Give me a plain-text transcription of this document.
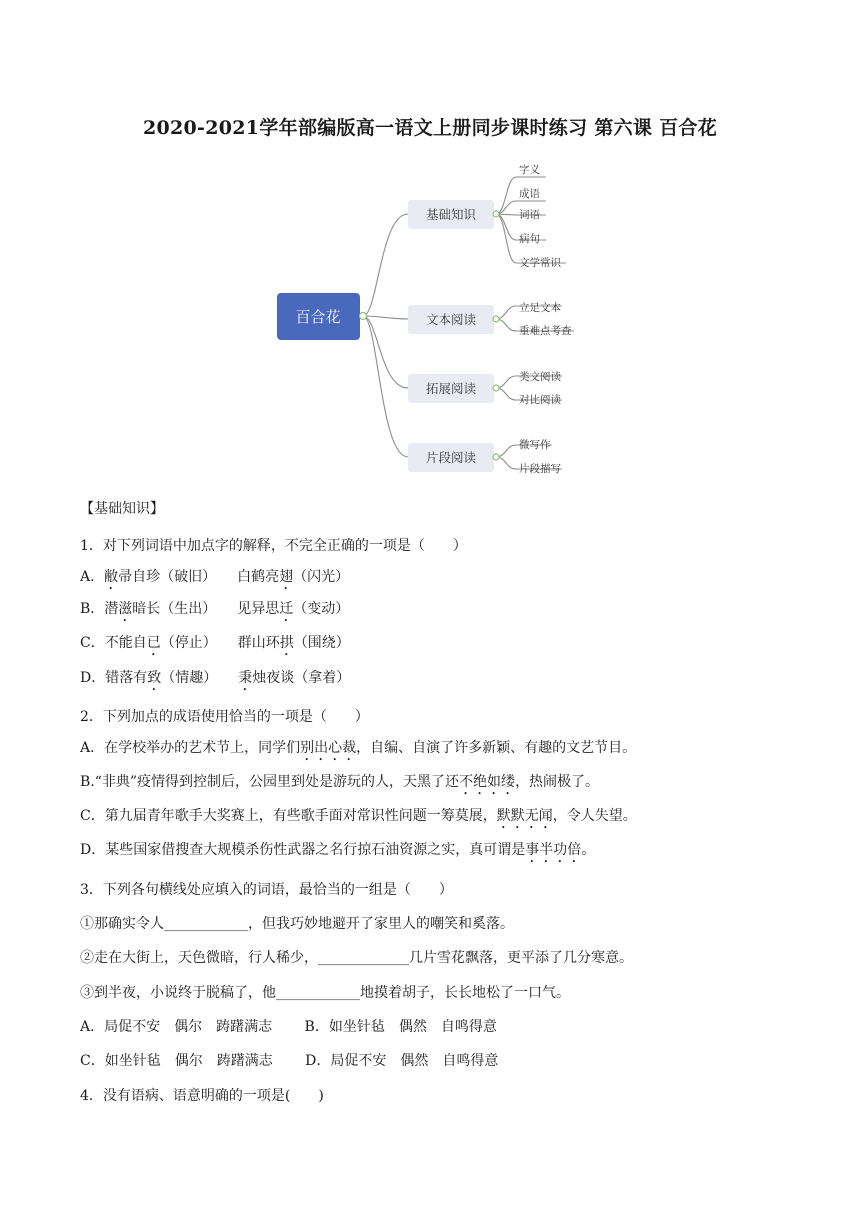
2020-2021学年部编版高一语文上册同步课时练习 第六课 百合花
百合花
基础知识
文本阅读
拓展阅读
片段阅读
字义
成语
词语
病句
文学常识
立足文本
重难点考查
类文阅读
对比阅读
微写作
片段描写
【基础知识】
1．对下列词语中加点字的解释，不完全正确的一项是（　　）
A．敝帚自珍（破旧）　　白鹤亮翅（闪光）
B．潜滋暗长（生出）　　见异思迁（变动）
C．不能自已（停止）　　群山环拱（围绕）
D．错落有致（情趣）　　秉烛夜谈（拿着）
2．下列加点的成语使用恰当的一项是（　　）
A．在学校举办的艺术节上，同学们别出心裁，自编、自演了许多新颖、有趣的文艺节目。
B.“非典”疫情得到控制后，公园里到处是游玩的人，天黑了还不绝如缕，热闹极了。
C．第九届青年歌手大奖赛上，有些歌手面对常识性问题一筹莫展，默默无闻，令人失望。
D．某些国家借搜查大规模杀伤性武器之名行掠石油资源之实，真可谓是事半功倍。
3．下列各句横线处应填入的词语，最恰当的一组是（　　）
①那确实令人____________，但我巧妙地避开了家里人的嘲笑和奚落。
②走在大街上，天色微暗，行人稀少，_____________几片雪花飘落，更平添了几分寒意。
③到半夜，小说终于脱稿了，他____________地摸着胡子，长长地松了一口气。
A．局促不安　偶尔　踌躇满志　　 B．如坐针毡　偶然　自鸣得意
C．如坐针毡　偶尔　踌躇满志　　 D．局促不安　偶然　自鸣得意
4．没有语病、语意明确的一项是(　　)
